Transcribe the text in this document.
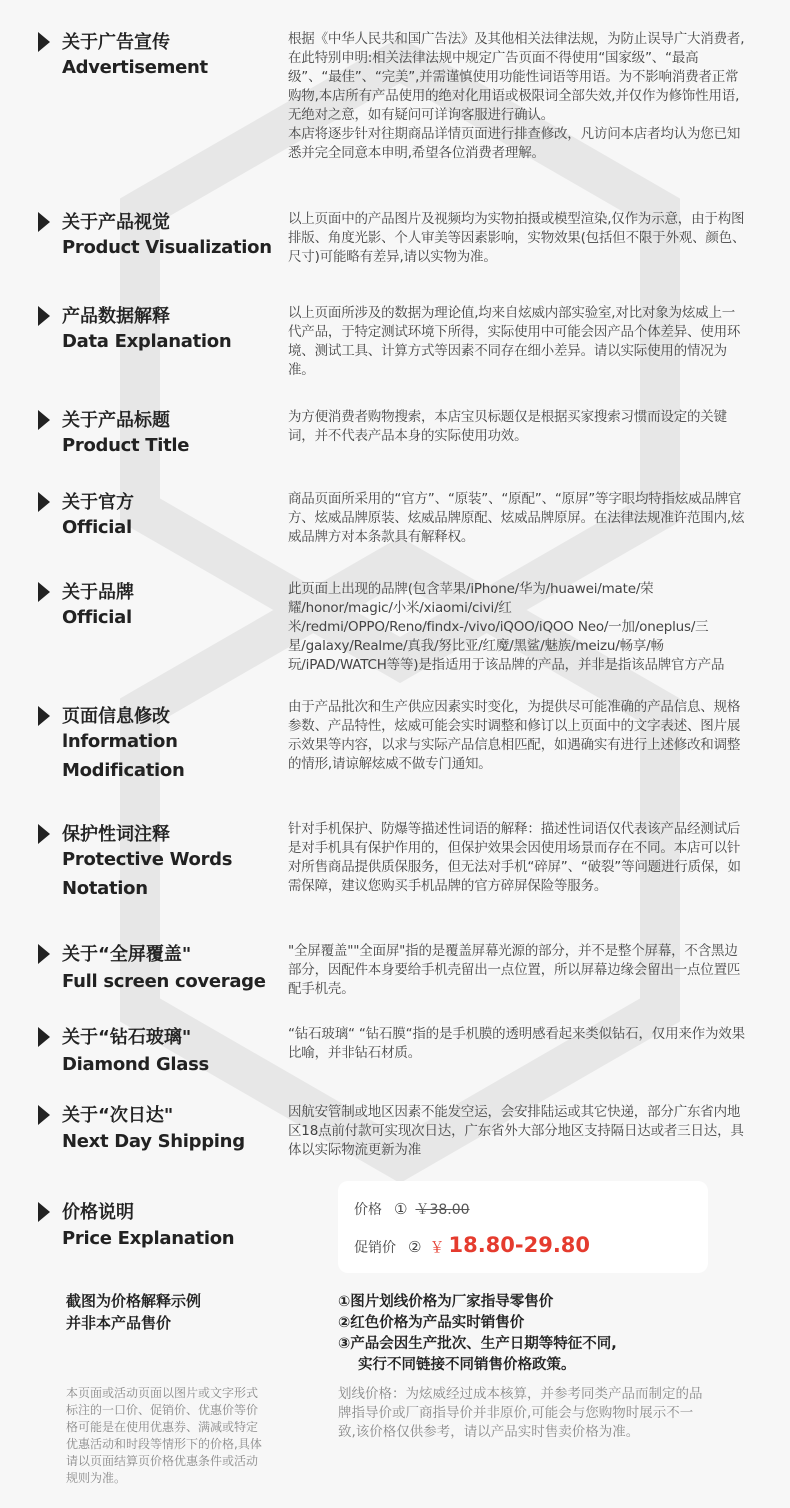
关于广告宣传
Advertisement

根据《中华人民共和国广告法》及其他相关法律法规，为防止误导广大消费者,在此特别申明:相关法律法规中规定广告页面不得使用“国家级”、“最高级”、“最佳”、“完美”,并需谨慎使用功能性词语等用语。为不影响消费者正常购物,本店所有产品使用的绝对化用语或极限词全部失效,并仅作为修饰性用语,无绝对之意，如有疑问可详询客服进行确认。

本店将逐步针对往期商品详情页面进行排查修改，凡访问本店者均认为您已知悉并完全同意本申明,希望各位消费者理解。

关于产品视觉
Product Visualization

以上页面中的产品图片及视频均为实物拍摄或模型渲染,仅作为示意，由于构图排版、角度光影、个人审美等因素影响，实物效果(包括但不限于外观、颜色、尺寸)可能略有差异,请以实物为准。

产品数据解释
Data Explanation

以上页面所涉及的数据为理论值,均来自炫威内部实验室,对比对象为炫威上一代产品，于特定测试环境下所得，实际使用中可能会因产品个体差异、使用环境、测试工具、计算方式等因素不同存在细小差异。请以实际使用的情况为准。

关于产品标题
Product Title

为方便消费者购物搜索，本店宝贝标题仅是根据买家搜索习惯而设定的关键词，并不代表产品本身的实际使用功效。

关于官方
Official

商品页面所采用的“官方”、“原装”、“原配”、“原屏”等字眼均特指炫威品牌官方、炫威品牌原装、炫威品牌原配、炫威品牌原屏。在法律法规准许范围内,炫威品牌方对本条款具有解释权。

关于品牌
Official

此页面上出现的品牌(包含苹果/iPhone/华为/huawei/mate/荣耀/honor/magic/小米/xiaomi/civi/红米/redmi/OPPO/Reno/findx-/vivo/iQOO/iQOO Neo/一加/oneplus/三星/galaxy/Realme/真我/努比亚/红魔/黑鲨/魅族/meizu/畅享/畅玩/iPAD/WATCH等等)是指适用于该品牌的产品，并非是指该品牌官方产品

页面信息修改
lnformation
Modification

由于产品批次和生产供应因素实时变化，为提供尽可能准确的产品信息、规格参数、产品特性，炫威可能会实时调整和修订以上页面中的文字表述、图片展示效果等内容，以求与实际产品信息相匹配，如遇确实有进行上述修改和调整的情形,请谅解炫威不做专门通知。

保护性词注释
Protective Words
Notation

针对手机保护、防爆等描述性词语的解释：描述性词语仅代表该产品经测试后是对手机具有保护作用的，但保护效果会因使用场景而存在不同。本店可以针对所售商品提供质保服务，但无法对手机“碎屏”、“破裂”等问题进行质保，如需保障，建议您购买手机品牌的官方碎屏保险等服务。

关于“全屏覆盖"
Full screen coverage

"全屏覆盖""全面屏"指的是覆盖屏幕光源的部分，并不是整个屏幕，不含黑边部分，因配件本身要给手机壳留出一点位置，所以屏幕边缘会留出一点位置匹配手机壳。

关于“钻石玻璃"
Diamond Glass

“钻石玻璃“ “钻石膜“指的是手机膜的透明感看起来类似钻石，仅用来作为效果比喻，并非钻石材质。

关于“次日达"
Next Day Shipping

因航安管制或地区因素不能发空运，会安排陆运或其它快递，部分广东省内地区18点前付款可实现次日达，广东省外大部分地区支持隔日达或者三日达，具体以实际物流更新为准

价格说明
Price Explanation
价格 ① ￥38.00
促销价 ② ￥ 18.80-29.80
截图为价格解释示例
并非本产品售价
①图片划线价格为厂家指导零售价
②红色价格为产品实时销售价
③产品会因生产批次、生产日期等特征不同,
实行不同链接不同销售价格政策。
本页面或活动页面以图片或文字形式标注的一口价、促销价、优惠价等价格可能是在使用优惠券、满减或特定优惠活动和时段等情形下的价格,具体请以页面结算页价格优惠条件或活动规则为准。
划线价格：为炫威经过成本核算，并参考同类产品而制定的品牌指导价或厂商指导价并非原价,可能会与您购物时展示不一致,该价格仅供参考，请以产品实时售卖价格为准。
